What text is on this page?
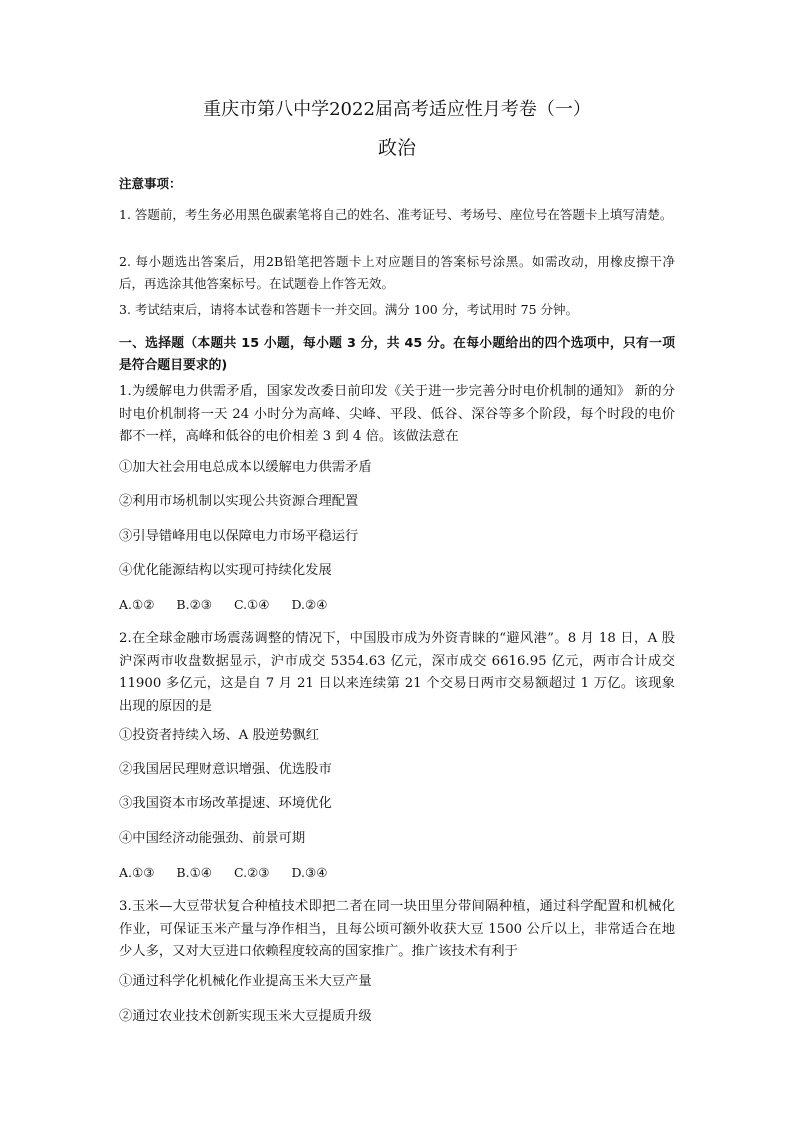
重庆市第八中学2022届高考适应性月考卷（一）
政治
注意事项：
1. 答题前，考生务必用黑色碳素笔将自己的姓名、准考证号、考场号、座位号在答题卡上填写清楚。
2. 每小题选出答案后，用2B铅笔把答题卡上对应题目的答案标号涂黑。如需改动，用橡皮擦干净后，再选涂其他答案标号。在试题卷上作答无效。
3. 考试结束后，请将本试卷和答题卡一并交回。满分 100 分，考试用时 75 分钟。
一、选择题（本题共 15 小题，每小题 3 分，共 45 分。在每小题给出的四个选项中，只有一项是符合题目要求的)
1.为缓解电力供需矛盾，国家发改委日前印发《关于进一步完善分时电价机制的通知》 新的分时电价机制将一天 24 小时分为高峰、尖峰、平段、低谷、深谷等多个阶段，每个时段的电价都不一样，高峰和低谷的电价相差 3 到 4 倍。该做法意在
①加大社会用电总成本以缓解电力供需矛盾
②利用市场机制以实现公共资源合理配置
③引导错峰用电以保障电力市场平稳运行
④优化能源结构以实现可持续化发展
A.①② B.②③ C.①④ D.②④
2.在全球金融市场震荡调整的情况下，中国股市成为外资青睐的“避风港”。8 月 18 日，A 股沪深两市收盘数据显示，沪市成交 5354.63 亿元，深市成交 6616.95 亿元，两市合计成交 11900 多亿元，这是自 7 月 21 日以来连续第 21 个交易日两市交易额超过 1 万亿。该现象出现的原因的是
①投资者持续入场、A 股逆势飘红
②我国居民理财意识增强、优选股市
③我国资本市场改革提速、环境优化
④中国经济动能强劲、前景可期
A.①③ B.①④ C.②③ D.③④
3.玉米—大豆带状复合种植技术即把二者在同一块田里分带间隔种植，通过科学配置和机械化作业，可保证玉米产量与净作相当，且每公顷可额外收获大豆 1500 公斤以上，非常适合在地少人多，又对大豆进口依赖程度较高的国家推广。推广该技术有利于
①通过科学化机械化作业提高玉米大豆产量
②通过农业技术创新实现玉米大豆提质升级
